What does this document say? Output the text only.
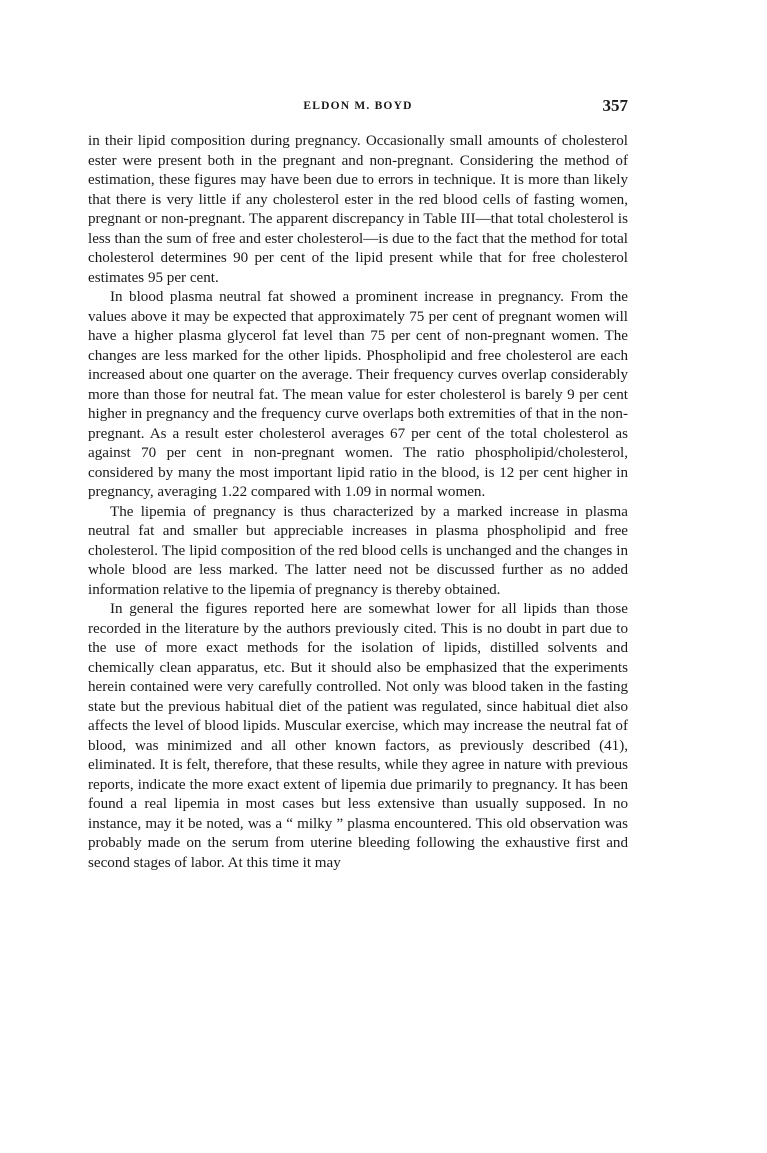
ELDON M. BOYD	357

in their lipid composition during pregnancy. Occasionally small amounts of cholesterol ester were present both in the pregnant and non-pregnant. Considering the method of estimation, these figures may have been due to errors in technique. It is more than likely that there is very little if any cholesterol ester in the red blood cells of fasting women, pregnant or non-pregnant. The apparent discrepancy in Table III—that total cholesterol is less than the sum of free and ester cholesterol—is due to the fact that the method for total cholesterol determines 90 per cent of the lipid present while that for free cholesterol estimates 95 per cent.

In blood plasma neutral fat showed a prominent increase in pregnancy. From the values above it may be expected that approximately 75 per cent of pregnant women will have a higher plasma glycerol fat level than 75 per cent of non-pregnant women. The changes are less marked for the other lipids. Phospholipid and free cholesterol are each increased about one quarter on the average. Their frequency curves overlap considerably more than those for neutral fat. The mean value for ester cholesterol is barely 9 per cent higher in pregnancy and the frequency curve overlaps both extremities of that in the non-pregnant. As a result ester cholesterol averages 67 per cent of the total cholesterol as against 70 per cent in non-pregnant women. The ratio phospholipid/cholesterol, considered by many the most important lipid ratio in the blood, is 12 per cent higher in pregnancy, averaging 1.22 compared with 1.09 in normal women.

The lipemia of pregnancy is thus characterized by a marked increase in plasma neutral fat and smaller but appreciable increases in plasma phospholipid and free cholesterol. The lipid composition of the red blood cells is unchanged and the changes in whole blood are less marked. The latter need not be discussed further as no added information relative to the lipemia of pregnancy is thereby obtained.

In general the figures reported here are somewhat lower for all lipids than those recorded in the literature by the authors previously cited. This is no doubt in part due to the use of more exact methods for the isolation of lipids, distilled solvents and chemically clean apparatus, etc. But it should also be emphasized that the experiments herein contained were very carefully controlled. Not only was blood taken in the fasting state but the previous habitual diet of the patient was regulated, since habitual diet also affects the level of blood lipids. Muscular exercise, which may increase the neutral fat of blood, was minimized and all other known factors, as previously described (41), eliminated. It is felt, therefore, that these results, while they agree in nature with previous reports, indicate the more exact extent of lipemia due primarily to pregnancy. It has been found a real lipemia in most cases but less extensive than usually supposed. In no instance, may it be noted, was a “ milky ” plasma encountered. This old observation was probably made on the serum from uterine bleeding following the exhaustive first and second stages of labor. At this time it may
